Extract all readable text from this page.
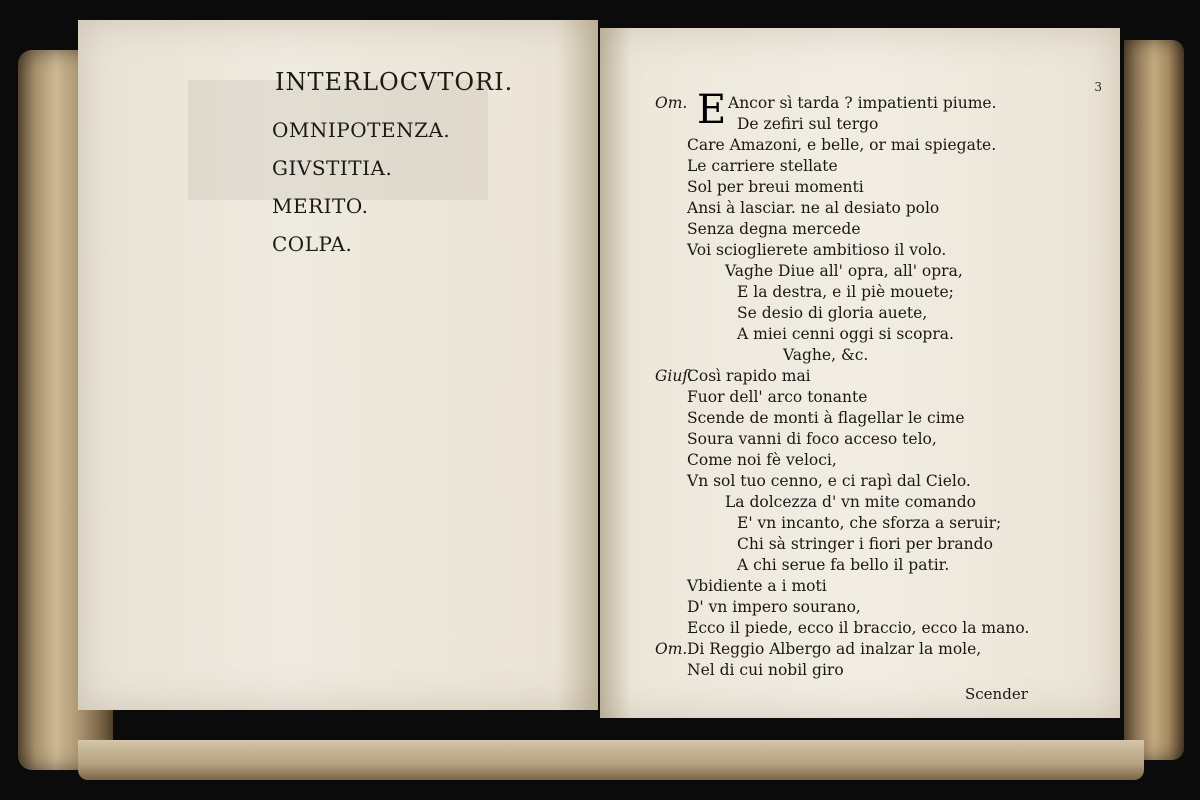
3
INTERLOCVTORI.
OMNIPOTENZA.
GIVSTITIA.
MERITO.
COLPA.
Om.	Ancor sì tarda ? impatienti piume.
De zefiri sul tergo
Care Amazoni, e belle, or mai spiegate.
Le carriere stellate
Sol per breui momenti
Ansi à lasciar. ne al desiato polo
Senza degna mercede
Voi scioglierete ambitioso il volo.
Vaghe Diue all' opra, all' opra,
E la destra, e il piè mouete;
Se desio di gloria auete,
A miei cenni oggi si scopra.
Vaghe, &c.
Giuſ.
Così rapido mai
Fuor dell' arco tonante
Scende de monti à flagellar le cime
Soura vanni di foco acceso telo,
Come noi fè veloci,
Vn sol tuo cenno, e ci rapì dal Cielo.
La dolcezza d' vn mite comando
E' vn incanto, che sforza a seruir;
Chi sà stringer i fiori per brando
A chi serue fa bello il patir.
Vbidiente a i moti
D' vn impero sourano,
Ecco il piede, ecco il braccio, ecco la mano.
Om. Di Reggio Albergo ad inalzar la mole,
Nel di cui nobil giro
E
Scender
